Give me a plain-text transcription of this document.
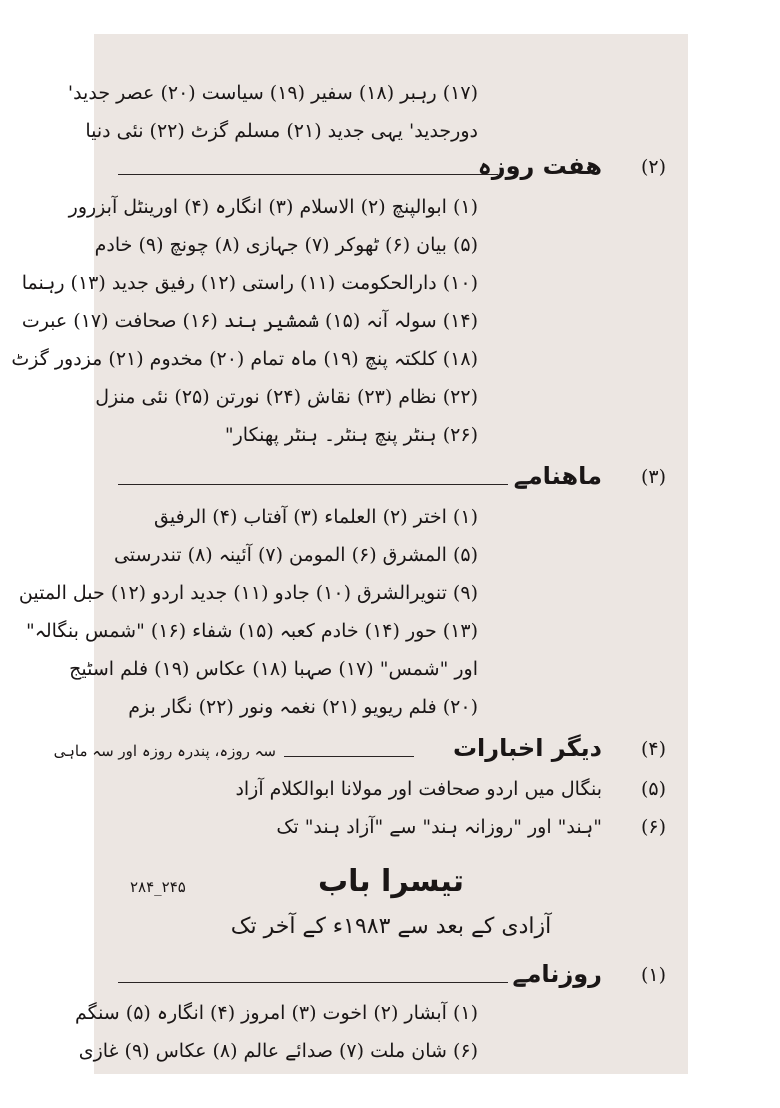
(۱۷) رہبر (۱۸) سفیر (۱۹) سیاست (۲۰) عصر جدید'
دورجدید' یہی جدید (۲۱) مسلم گزٹ (۲۲) نئی دنیا
(۲)
ھفت روزہ
(۱) ابوالپنچ (۲) الاسلام (۳) انگارہ (۴) اورینٹل آبزرور
(۵) بیان (۶) ٹھوکر (۷) جہازی (۸) چونچ (۹) خادم
(۱۰) دارالحکومت (۱۱) راستی (۱۲) رفیق جدید (۱۳) رہنما
(۱۴) سولہ آنہ (۱۵) شمشیر ہند (۱۶) صحافت (۱۷) عبرت
(۱۸) کلکتہ پنچ (۱۹) ماہ تمام (۲۰) مخدوم (۲۱) مزدور گزٹ
(۲۲) نظام (۲۳) نقاش (۲۴) نورتن (۲۵) نئی منزل
(۲۶) ہنٹر پنچ ہنٹر۔ ہنٹر پھنکار"
(۳)
ماھنامے
(۱) اختر (۲) العلماء (۳) آفتاب (۴) الرفیق
(۵) المشرق (۶) المومن (۷) آئینہ (۸) تندرستی
(۹) تنویرالشرق (۱۰) جادو (۱۱) جدید اردو (۱۲) حبل المتین
(۱۳) حور (۱۴) خادم کعبہ (۱۵) شفاء (۱۶) "شمس بنگالہ"
اور "شمس" (۱۷) صہبا (۱۸) عکاس (۱۹) فلم اسٹیج
(۲۰) فلم ریویو (۲۱) نغمہ ونور (۲۲) نگار بزم
(۴)
دیگر اخبارات
سہ روزہ، پندرہ روزہ اور سہ ماہی
(۵)
بنگال میں اردو صحافت اور مولانا ابوالکلام آزاد
(۶)
"ہند" اور "روزانہ ہند" سے "آزاد ہند" تک
۲۸۴_۲۴۵	تیسرا باب
آزادی کے بعد سے ۱۹۸۳ء کے آخر تک
(۱)
روزنامے
(۱) آبشار (۲) اخوت (۳) امروز (۴) انگارہ (۵) سنگم
(۶) شان ملت (۷) صدائے عالم (۸) عکاس (۹) غازی
